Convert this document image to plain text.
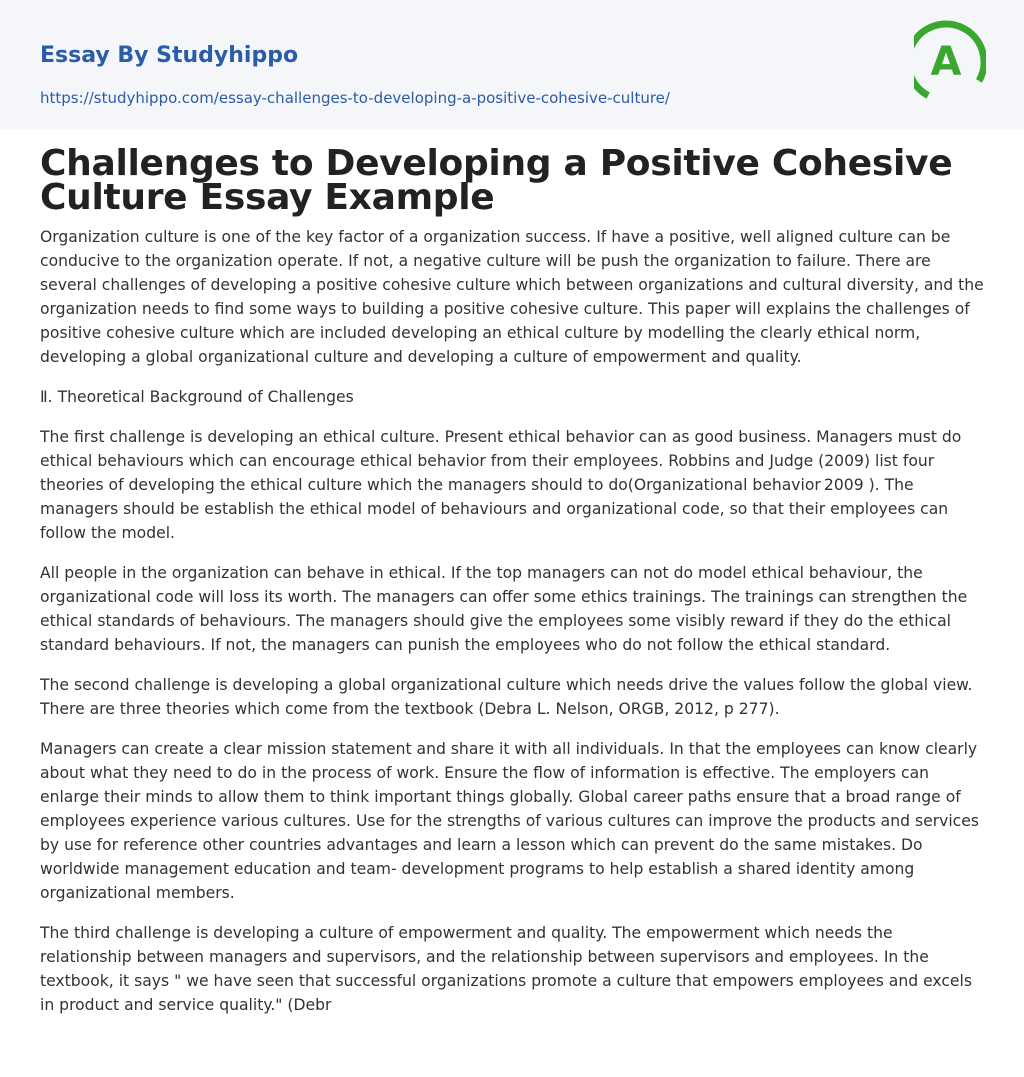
Essay By Studyhippo
https://studyhippo.com/essay-challenges-to-developing-a-positive-cohesive-culture/
A
Challenges to Developing a Positive Cohesive Culture Essay Example

Organization culture is one of the key factor of a organization success. If have a positive, well aligned culture can be conducive to the organization operate. If not, a negative culture will be push the organization to failure. There are several challenges of developing a positive cohesive culture which between organizations and cultural diversity, and the organization needs to find some ways to building a positive cohesive culture. This paper will explains the challenges of positive cohesive culture which are included developing an ethical culture by modelling the clearly ethical norm, developing a global organizational culture and developing a culture of empowerment and quality.

Ⅱ. Theoretical Background of Challenges

The first challenge is developing an ethical culture. Present ethical behavior can as good business. Managers must do ethical behaviours which can encourage ethical behavior from their employees. Robbins and Judge (2009) list four theories of developing the ethical culture which the managers should to do(Organizational behavior 2009 ). The managers should be establish the ethical model of behaviours and organizational code, so that their employees can follow the model.

All people in the organization can behave in ethical. If the top managers can not do model ethical behaviour, the organizational code will loss its worth. The managers can offer some ethics trainings. The trainings can strengthen the ethical standards of behaviours. The managers should give the employees some visibly reward if they do the ethical standard behaviours. If not, the managers can punish the employees who do not follow the ethical standard.

The second challenge is developing a global organizational culture which needs drive the values follow the global view. There are three theories which come from the textbook (Debra L. Nelson, ORGB, 2012, p 277).

Managers can create a clear mission statement and share it with all individuals. In that the employees can know clearly about what they need to do in the process of work. Ensure the flow of information is effective. The employers can enlarge their minds to allow them to think important things globally. Global career paths ensure that a broad range of employees experience various cultures. Use for the strengths of various cultures can improve the products and services by use for reference other countries advantages and learn a lesson which can prevent do the same mistakes. Do worldwide management education and team- development programs to help establish a shared identity among organizational members.

The third challenge is developing a culture of empowerment and quality. The empowerment which needs the relationship between managers and supervisors, and the relationship between supervisors and employees. In the textbook, it says " we have seen that successful organizations promote a culture that empowers employees and excels in product and service quality." (Debr
